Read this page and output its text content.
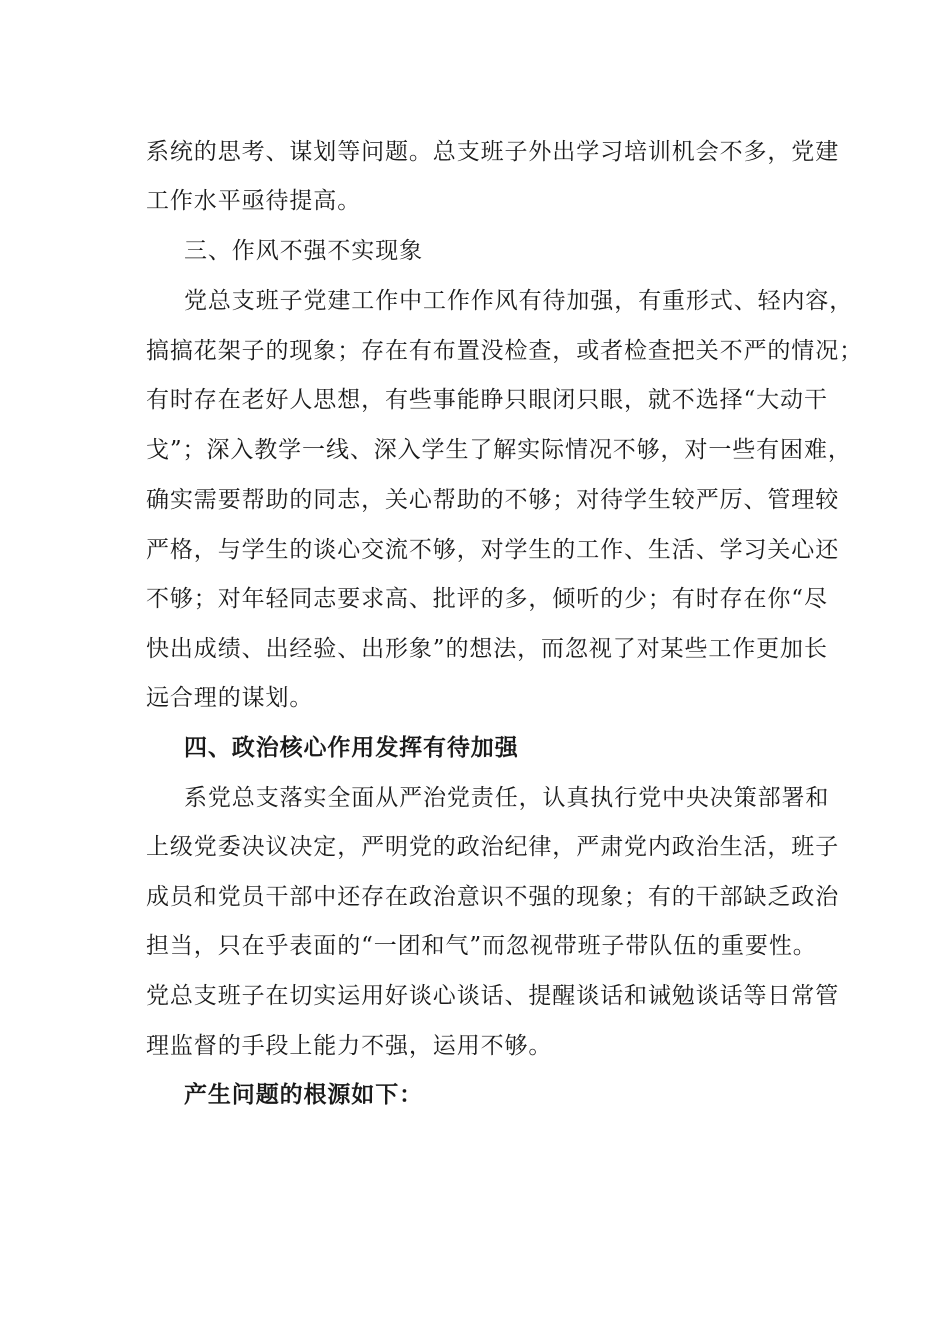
系统的思考、谋划等问题。总支班子外出学习培训机会不多，党建
工作水平亟待提高。
三、作风不强不实现象
党总支班子党建工作中工作作风有待加强，有重形式、轻内容，
搞搞花架子的现象；存在有布置没检查，或者检查把关不严的情况；
有时存在老好人思想，有些事能睁只眼闭只眼，就不选择“大动干
戈”；深入教学一线、深入学生了解实际情况不够，对一些有困难，
确实需要帮助的同志，关心帮助的不够；对待学生较严厉、管理较
严格，与学生的谈心交流不够，对学生的工作、生活、学习关心还
不够；对年轻同志要求高、批评的多，倾听的少；有时存在你“尽
快出成绩、出经验、出形象”的想法，而忽视了对某些工作更加长
远合理的谋划。
四、政治核心作用发挥有待加强
系党总支落实全面从严治党责任，认真执行党中央决策部署和
上级党委决议决定，严明党的政治纪律，严肃党内政治生活，班子
成员和党员干部中还存在政治意识不强的现象；有的干部缺乏政治
担当，只在乎表面的“一团和气”而忽视带班子带队伍的重要性。
党总支班子在切实运用好谈心谈话、提醒谈话和诫勉谈话等日常管
理监督的手段上能力不强，运用不够。
产生问题的根源如下：
